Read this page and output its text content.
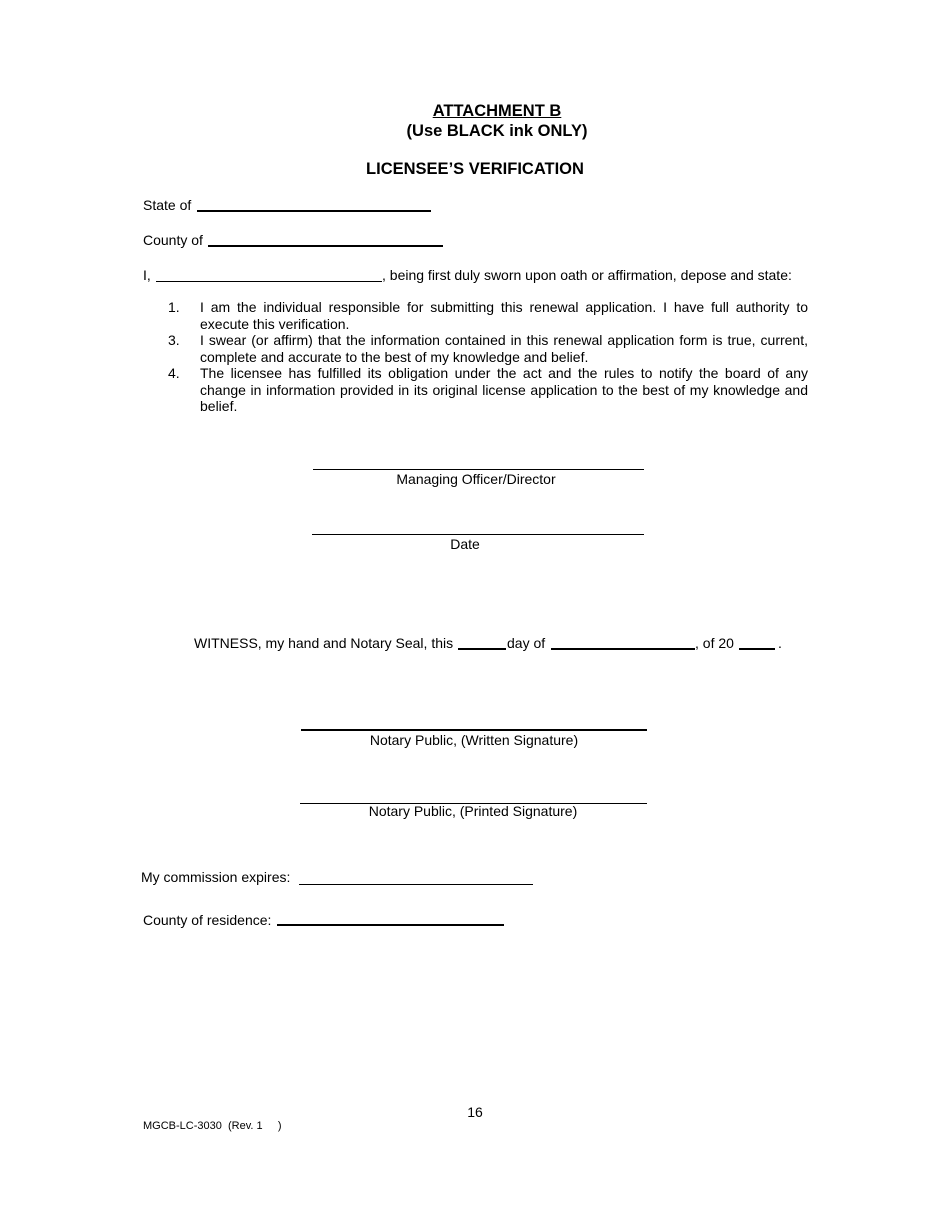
ATTACHMENT B
(Use BLACK ink ONLY)
LICENSEE’S VERIFICATION
State of
County of
I,	, being first duly sworn upon oath or affirmation, depose and state:
1. I am the individual responsible for submitting this renewal application. I have full authority to execute this verification.
3. I swear (or affirm) that the information contained in this renewal application form is true, current, complete and accurate to the best of my knowledge and belief.
4. The licensee has fulfilled its obligation under the act and the rules to notify the board of any change in information provided in its original license application to the best of my knowledge and belief.
Managing Officer/Director
Date
WITNESS, my hand and Notary Seal, this	day of	, of 20	.
Notary Public, (Written Signature)
Notary Public, (Printed Signature)
My commission expires:
County of residence:
16
MGCB-LC-3030  (Rev. 1     )
